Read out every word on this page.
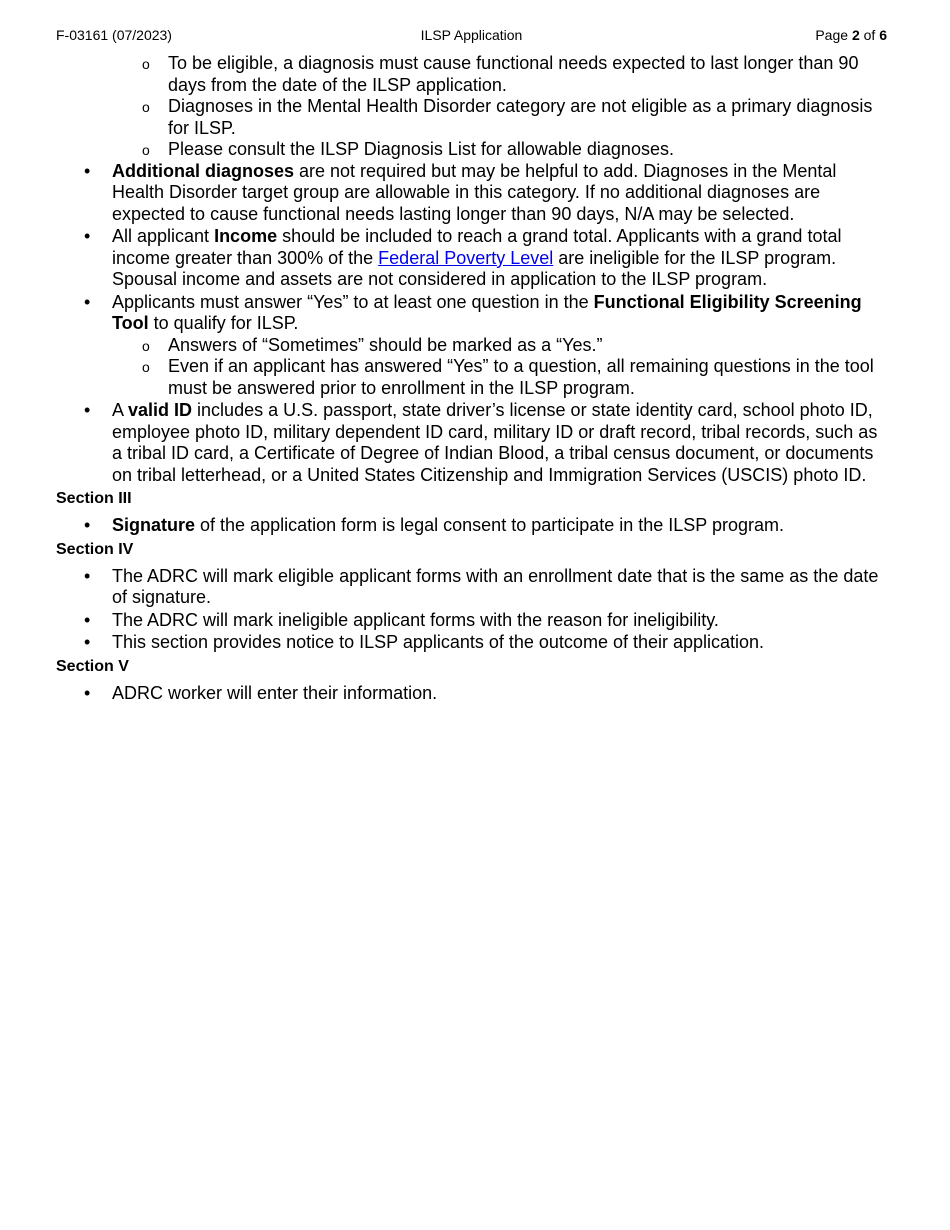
F-03161 (07/2023)	ILSP Application	Page 2 of 6
o To be eligible, a diagnosis must cause functional needs expected to last longer than 90 days from the date of the ILSP application.
o Diagnoses in the Mental Health Disorder category are not eligible as a primary diagnosis for ILSP.
o Please consult the ILSP Diagnosis List for allowable diagnoses.
• Additional diagnoses are not required but may be helpful to add. Diagnoses in the Mental Health Disorder target group are allowable in this category. If no additional diagnoses are expected to cause functional needs lasting longer than 90 days, N/A may be selected.
• All applicant Income should be included to reach a grand total. Applicants with a grand total income greater than 300% of the Federal Poverty Level are ineligible for the ILSP program. Spousal income and assets are not considered in application to the ILSP program.
• Applicants must answer “Yes” to at least one question in the Functional Eligibility Screening Tool to qualify for ILSP.
o Answers of “Sometimes” should be marked as a “Yes.”
o Even if an applicant has answered “Yes” to a question, all remaining questions in the tool must be answered prior to enrollment in the ILSP program.
• A valid ID includes a U.S. passport, state driver’s license or state identity card, school photo ID, employee photo ID, military dependent ID card, military ID or draft record, tribal records, such as a tribal ID card, a Certificate of Degree of Indian Blood, a tribal census document, or documents on tribal letterhead, or a United States Citizenship and Immigration Services (USCIS) photo ID.
Section III
• Signature of the application form is legal consent to participate in the ILSP program.
Section IV
• The ADRC will mark eligible applicant forms with an enrollment date that is the same as the date of signature.
• The ADRC will mark ineligible applicant forms with the reason for ineligibility.
• This section provides notice to ILSP applicants of the outcome of their application.
Section V
• ADRC worker will enter their information.
